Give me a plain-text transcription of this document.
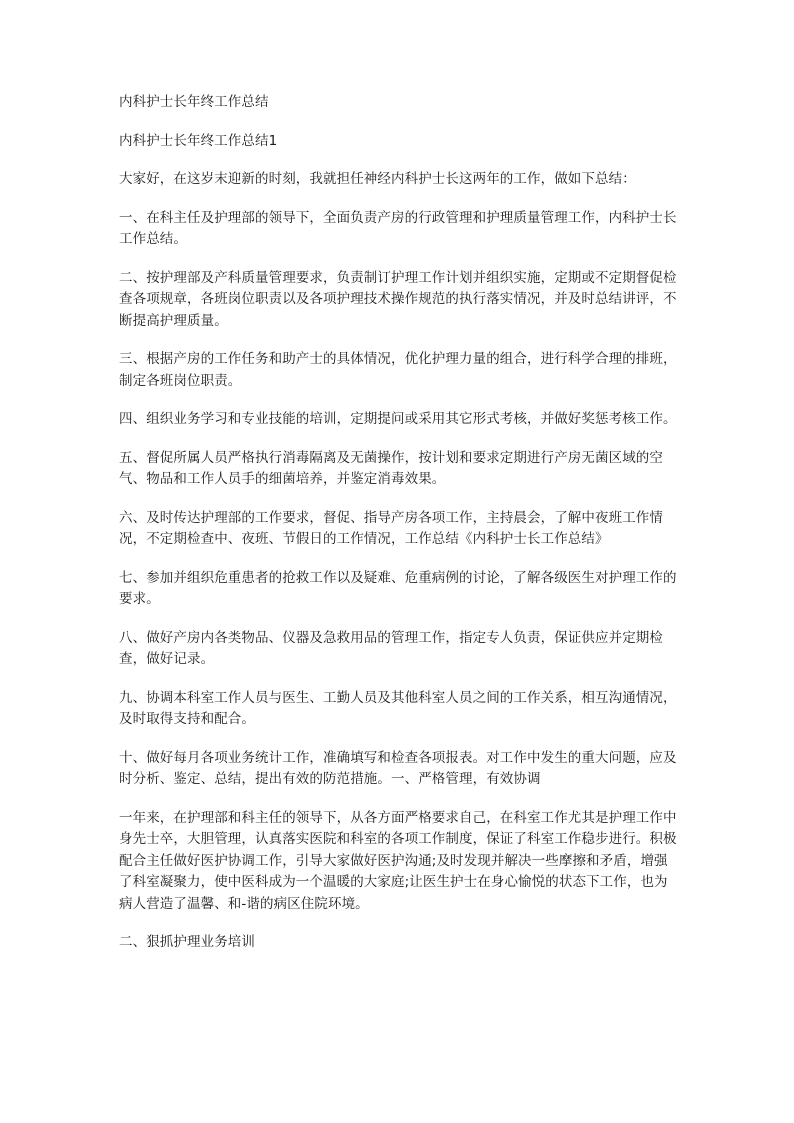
内科护士长年终工作总结

内科护士长年终工作总结1

大家好，在这岁末迎新的时刻，我就担任神经内科护士长这两年的工作，做如下总结：

一、在科主任及护理部的领导下，全面负责产房的行政管理和护理质量管理工作，内科护士长工作总结。

二、按护理部及产科质量管理要求，负责制订护理工作计划并组织实施，定期或不定期督促检查各项规章，各班岗位职责以及各项护理技术操作规范的执行落实情况，并及时总结讲评，不断提高护理质量。

三、根据产房的工作任务和助产士的具体情况，优化护理力量的组合，进行科学合理的排班，制定各班岗位职责。

四、组织业务学习和专业技能的培训，定期提问或采用其它形式考核，并做好奖惩考核工作。

五、督促所属人员严格执行消毒隔离及无菌操作，按计划和要求定期进行产房无菌区域的空气、物品和工作人员手的细菌培养，并鉴定消毒效果。

六、及时传达护理部的工作要求，督促、指导产房各项工作，主持晨会，了解中夜班工作情况，不定期检查中、夜班、节假日的工作情况，工作总结《内科护士长工作总结》

七、参加并组织危重患者的抢救工作以及疑难、危重病例的讨论，了解各级医生对护理工作的要求。

八、做好产房内各类物品、仪器及急救用品的管理工作，指定专人负责，保证供应并定期检查，做好记录。

九、协调本科室工作人员与医生、工勤人员及其他科室人员之间的工作关系，相互沟通情况，及时取得支持和配合。

十、做好每月各项业务统计工作，准确填写和检查各项报表。对工作中发生的重大问题，应及时分析、鉴定、总结，提出有效的防范措施。一、严格管理，有效协调

一年来，在护理部和科主任的领导下，从各方面严格要求自己，在科室工作尤其是护理工作中身先士卒，大胆管理，认真落实医院和科室的各项工作制度，保证了科室工作稳步进行。积极配合主任做好医护协调工作，引导大家做好医护沟通;及时发现并解决一些摩擦和矛盾，增强了科室凝聚力，使中医科成为一个温暖的大家庭;让医生护士在身心愉悦的状态下工作，也为病人营造了温馨、和-谐的病区住院环境。

二、狠抓护理业务培训
